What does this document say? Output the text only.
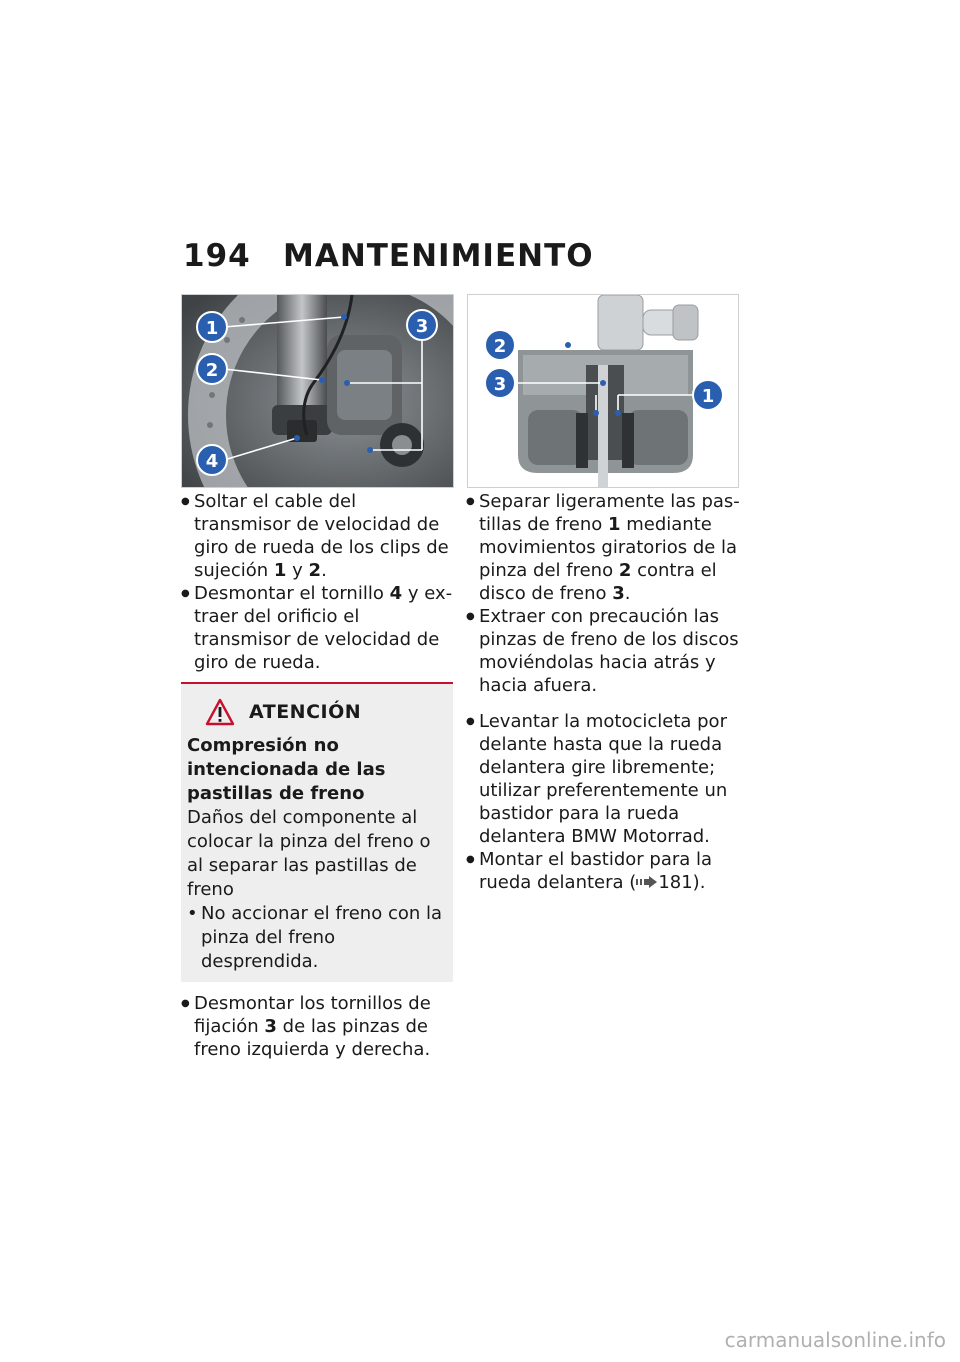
194 MANTENIMIENTO
1
2
3
4
2
3
1
● Soltar el cable del transmisor de velocidad de giro de rueda de los clips de sujeción 1 y 2.
● Desmontar el tornillo 4 y extraer del orificio el transmisor de velocidad de giro de rueda.
ATENCIÓN
Compresión no intencionada de las pastillas de freno
Daños del componente al colocar la pinza del freno o al separar las pastillas de freno
• No accionar el freno con la pinza del freno desprendida.
● Desmontar los tornillos de fijación 3 de las pinzas de freno izquierda y derecha.
● Separar ligeramente las pastillas de freno 1 mediante movimientos giratorios de la pinza del freno 2 contra el disco de freno 3.
● Extraer con precaución las pinzas de freno de los discos moviéndolas hacia atrás y hacia afuera.
● Levantar la motocicleta por delante hasta que la rueda delantera gire libremente; utilizar preferentemente un bastidor para la rueda delantera BMW Motorrad.
● Montar el bastidor para la rueda delantera ( 181).
carmanualsonline.info
